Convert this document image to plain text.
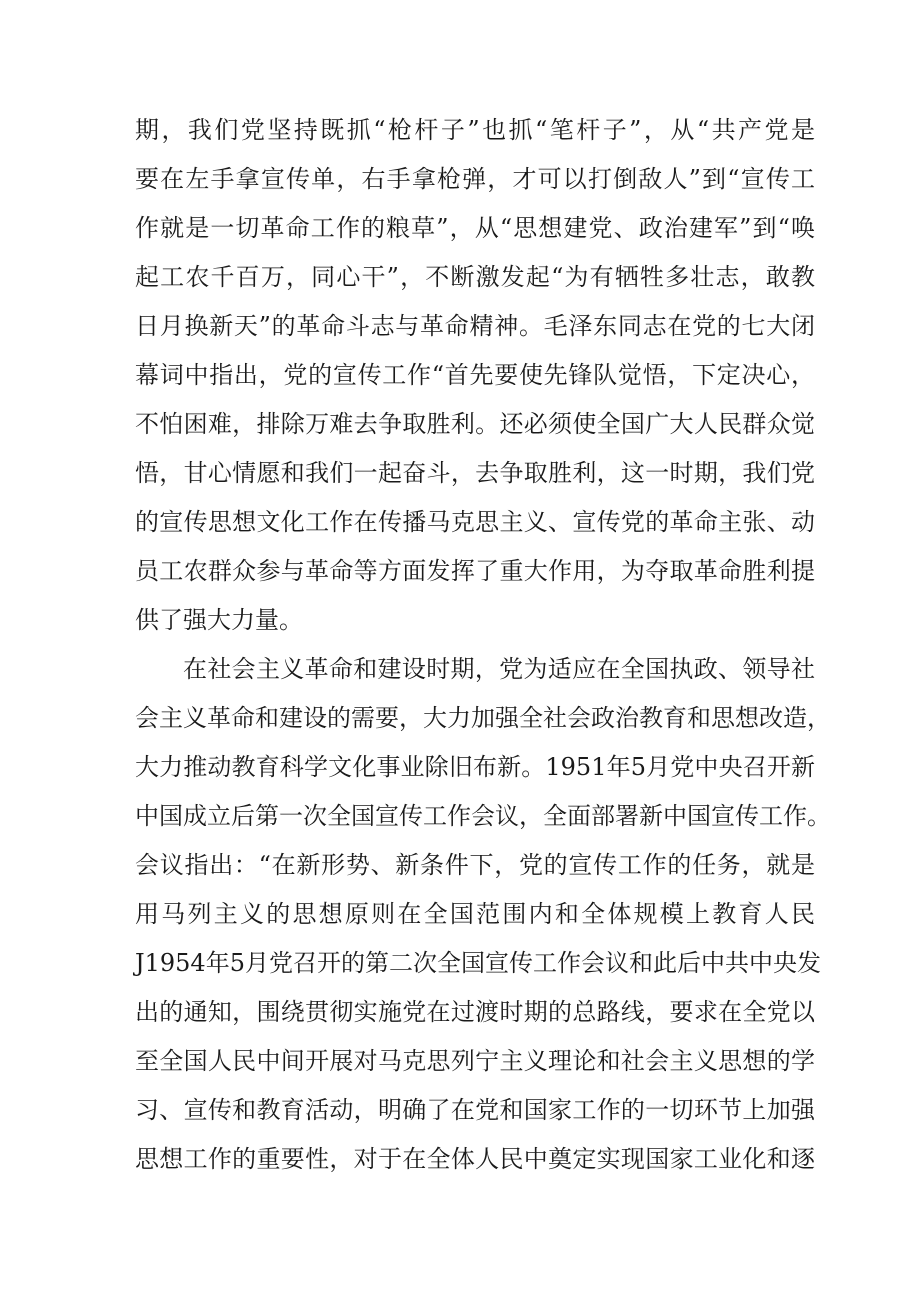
期，我们党坚持既抓“枪杆子”也抓“笔杆子”，从“共产党是
要在左手拿宣传单，右手拿枪弹，才可以打倒敌人”到“宣传工
作就是一切革命工作的粮草”，从“思想建党、政治建军”到“唤
起工农千百万，同心干”，不断激发起“为有牺牲多壮志，敢教
日月换新天”的革命斗志与革命精神。毛泽东同志在党的七大闭
幕词中指出，党的宣传工作“首先要使先锋队觉悟，下定决心，
不怕困难，排除万难去争取胜利。还必须使全国广大人民群众觉
悟，甘心情愿和我们一起奋斗，去争取胜利，这一时期，我们党
的宣传思想文化工作在传播马克思主义、宣传党的革命主张、动
员工农群众参与革命等方面发挥了重大作用，为夺取革命胜利提
供了强大力量。
在社会主义革命和建设时期，党为适应在全国执政、领导社
会主义革命和建设的需要，大力加强全社会政治教育和思想改造，
大力推动教育科学文化事业除旧布新。1951年5月党中央召开新
中国成立后第一次全国宣传工作会议，全面部署新中国宣传工作。
会议指出：“在新形势、新条件下，党的宣传工作的任务，就是
用马列主义的思想原则在全国范围内和全体规模上教育人民
J1954年5月党召开的第二次全国宣传工作会议和此后中共中央发
出的通知，围绕贯彻实施党在过渡时期的总路线，要求在全党以
至全国人民中间开展对马克思列宁主义理论和社会主义思想的学
习、宣传和教育活动，明确了在党和国家工作的一切环节上加强
思想工作的重要性，对于在全体人民中奠定实现国家工业化和逐
